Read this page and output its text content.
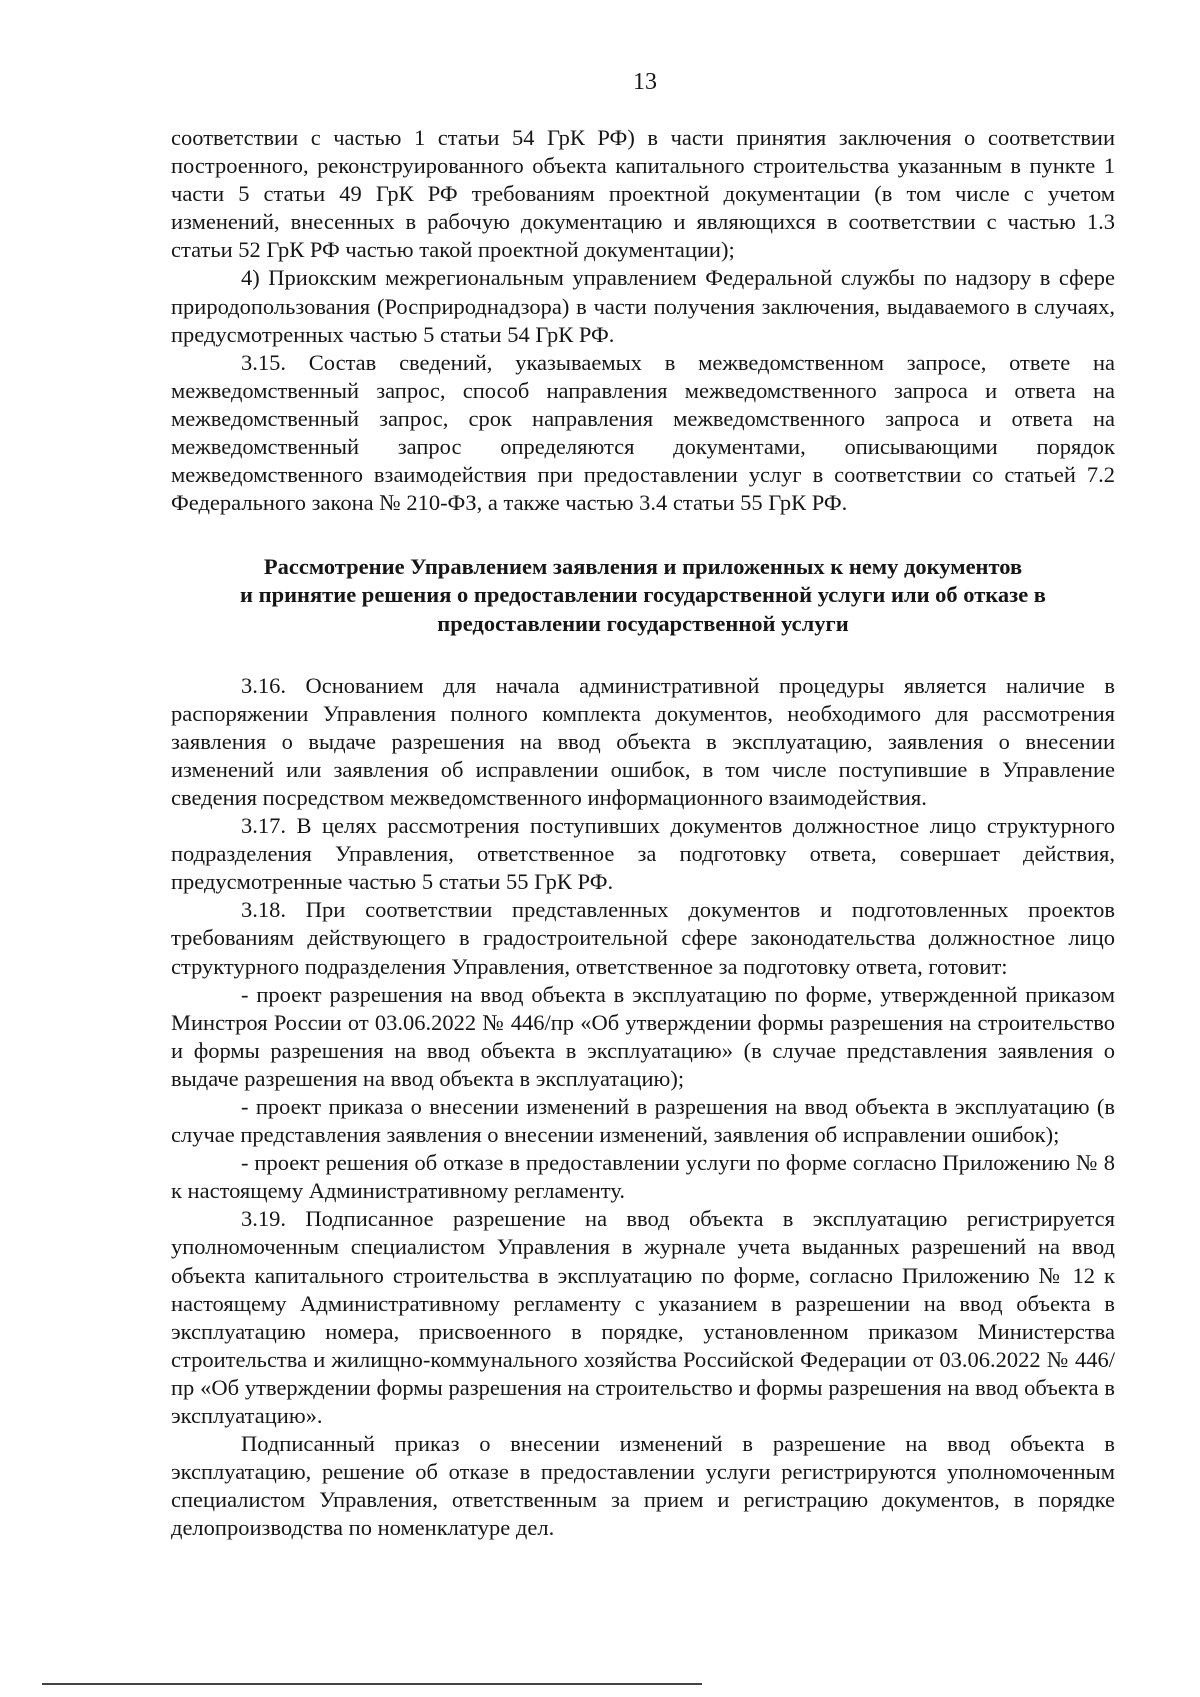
13

соответствии с частью 1 статьи 54 ГрК РФ) в части принятия заключения о соответствии построенного, реконструированного объекта капитального строительства указанным в пункте 1 части 5 статьи 49 ГрК РФ требованиям проектной документации (в том числе с учетом изменений, внесенных в рабочую документацию и являющихся в соответствии с частью 1.3 статьи 52 ГрК РФ частью такой проектной документации);

4) Приокским межрегиональным управлением Федеральной службы по надзору в сфере природопользования (Росприроднадзора) в части получения заключения, выдаваемого в случаях, предусмотренных частью 5 статьи 54 ГрК РФ.

3.15. Состав сведений, указываемых в межведомственном запросе, ответе на межведомственный запрос, способ направления межведомственного запроса и ответа на межведомственный запрос, срок направления межведомственного запроса и ответа на межведомственный запрос определяются документами, описывающими порядок межведомственного взаимодействия при предоставлении услуг в соответствии со статьей 7.2 Федерального закона № 210-ФЗ, а также частью 3.4 статьи 55 ГрК РФ.

Рассмотрение Управлением заявления и приложенных к нему документов
и принятие решения о предоставлении государственной услуги или об отказе в
предоставлении государственной услуги

3.16. Основанием для начала административной процедуры является наличие в распоряжении Управления полного комплекта документов, необходимого для рассмотрения заявления о выдаче разрешения на ввод объекта в эксплуатацию, заявления о внесении изменений или заявления об исправлении ошибок, в том числе поступившие в Управление сведения посредством межведомственного информационного взаимодействия.

3.17. В целях рассмотрения поступивших документов должностное лицо структурного подразделения Управления, ответственное за подготовку ответа, совершает действия, предусмотренные частью 5 статьи 55 ГрК РФ.

3.18. При соответствии представленных документов и подготовленных проектов требованиям действующего в градостроительной сфере законодательства должностное лицо структурного подразделения Управления, ответственное за подготовку ответа, готовит:

- проект разрешения на ввод объекта в эксплуатацию по форме, утвержденной приказом Минстроя России от 03.06.2022 № 446/пр «Об утверждении формы разрешения на строительство и формы разрешения на ввод объекта в эксплуатацию» (в случае представления заявления о выдаче разрешения на ввод объекта в эксплуатацию);

- проект приказа о внесении изменений в разрешения на ввод объекта в эксплуатацию (в случае представления заявления о внесении изменений, заявления об исправлении ошибок);

- проект решения об отказе в предоставлении услуги по форме согласно Приложению № 8 к настоящему Административному регламенту.

3.19. Подписанное разрешение на ввод объекта в эксплуатацию регистрируется уполномоченным специалистом Управления в журнале учета выданных разрешений на ввод объекта капитального строительства в эксплуатацию по форме, согласно Приложению № 12 к настоящему Административному регламенту с указанием в разрешении на ввод объекта в эксплуатацию номера, присвоенного в порядке, установленном приказом Министерства строительства и жилищно-коммунального хозяйства Российской Федерации от 03.06.2022 № 446/пр «Об утверждении формы разрешения на строительство и формы разрешения на ввод объекта в эксплуатацию».

Подписанный приказ о внесении изменений в разрешение на ввод объекта в эксплуатацию, решение об отказе в предоставлении услуги регистрируются уполномоченным специалистом Управления, ответственным за прием и регистрацию документов, в порядке делопроизводства по номенклатуре дел.
